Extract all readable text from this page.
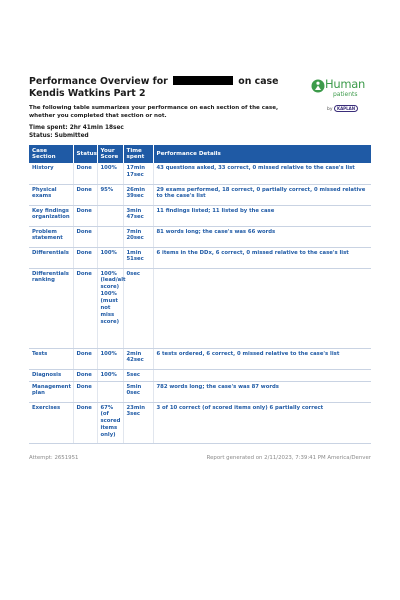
Performance Overview for	on case Kendis Watkins Part 2
Human
patients
by KAPLAN
The following table summarizes your performance on each section of the case, whether you completed that section or not.
Time spent: 2hr 41min 18sec
Status: Submitted
Case Section	Status	Your Score	Time spent	Performance Details
History	Done	100%	17min 17sec	43 questions asked, 33 correct, 0 missed relative to the case's list
Physical exams	Done	95%	26min 39sec	29 exams performed, 18 correct, 0 partially correct, 0 missed relative to the case's list
Key findings organization	Done		3min 47sec	11 findings listed; 11 listed by the case
Problem statement	Done		7min 20sec	81 words long; the case's was 66 words
Differentials	Done	100%	1min 51sec	6 items in the DDx, 6 correct, 0 missed relative to the case's list
Differentials ranking	Done	100% (lead/alt score) 100% (must not miss score)	0sec	
Tests	Done	100%	2min 42sec	6 tests ordered, 6 correct, 0 missed relative to the case's list
Diagnosis	Done	100%	5sec	
Management plan	Done		5min 0sec	782 words long; the case's was 87 words
Exercises	Done	67% (of scored items only)	23min 3sec	3 of 10 correct (of scored items only) 6 partially correct
Attempt: 2651951	Report generated on 2/11/2023, 7:39:41 PM America/Denver
